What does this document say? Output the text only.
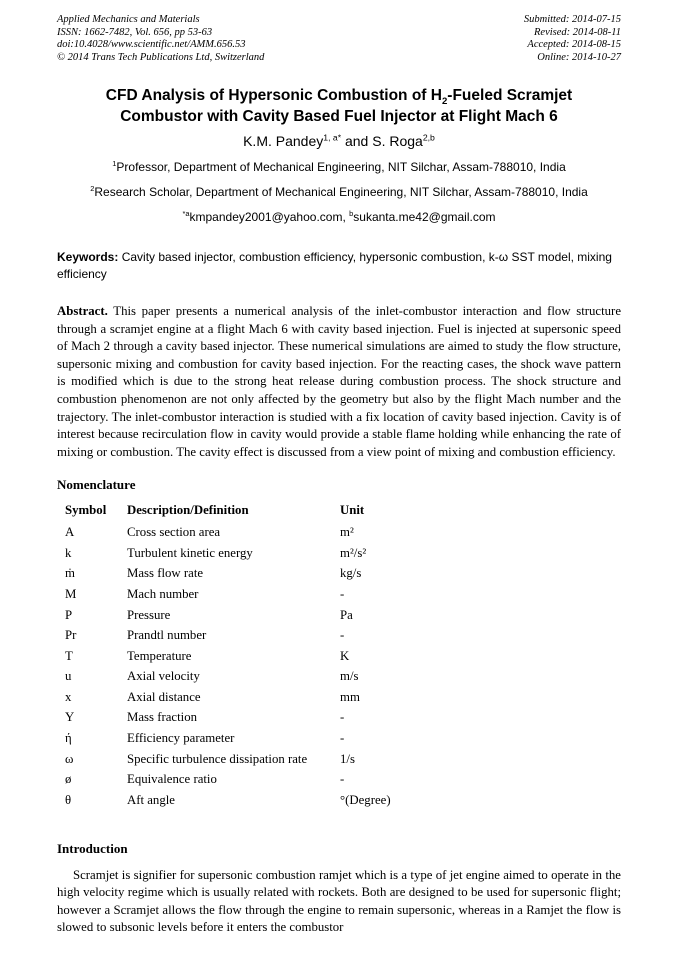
Applied Mechanics and Materials
ISSN: 1662-7482, Vol. 656, pp 53-63
doi:10.4028/www.scientific.net/AMM.656.53
© 2014 Trans Tech Publications Ltd, Switzerland
Submitted: 2014-07-15
Revised: 2014-08-11
Accepted: 2014-08-15
Online: 2014-10-27
CFD Analysis of Hypersonic Combustion of $H_2$-Fueled Scramjet
Combustor with Cavity Based Fuel Injector at Flight Mach 6
K.M. Pandey$^{1, a*}$ and S. Roga$^{2,b}$
$^1$Professor, Department of Mechanical Engineering, NIT Silchar, Assam-788010, India
$^2$Research Scholar, Department of Mechanical Engineering, NIT Silchar, Assam-788010, India
$^{*a}$kmpandey2001@yahoo.com, $^b$sukanta.me42@gmail.com

Keywords: Cavity based injector, combustion efficiency, hypersonic combustion, k-ω SST model, mixing efficiency

Abstract. This paper presents a numerical analysis of the inlet-combustor interaction and flow structure through a scramjet engine at a flight Mach 6 with cavity based injection. Fuel is injected at supersonic speed of Mach 2 through a cavity based injector. These numerical simulations are aimed to study the flow structure, supersonic mixing and combustion for cavity based injection. For the reacting cases, the shock wave pattern is modified which is due to the strong heat release during combustion process. The shock structure and combustion phenomenon are not only affected by the geometry but also by the flight Mach number and the trajectory. The inlet-combustor interaction is studied with a fix location of cavity based injection. Cavity is of interest because recirculation flow in cavity would provide a stable flame holding while enhancing the rate of mixing or combustion. The cavity effect is discussed from a view point of mixing and combustion efficiency.

Nomenclature
Symbol	Description/Definition	Unit
A	Cross section area	m²
k	Turbulent kinetic energy	m²/s²
ṁ	Mass flow rate	kg/s
M	Mach number	-
P	Pressure	Pa
Pr	Prandtl number	-
T	Temperature	K
u	Axial velocity	m/s
x	Axial distance	mm
Y	Mass fraction	-
ή	Efficiency parameter	-
ω	Specific turbulence dissipation rate	1/s
ø	Equivalence ratio	-
θ	Aft angle	°(Degree)
Introduction

Scramjet is signifier for supersonic combustion ramjet which is a type of jet engine aimed to operate in the high velocity regime which is usually related with rockets. Both are designed to be used for supersonic flight; however a Scramjet allows the flow through the engine to remain supersonic, whereas in a Ramjet the flow is slowed to subsonic levels before it enters the combustor
